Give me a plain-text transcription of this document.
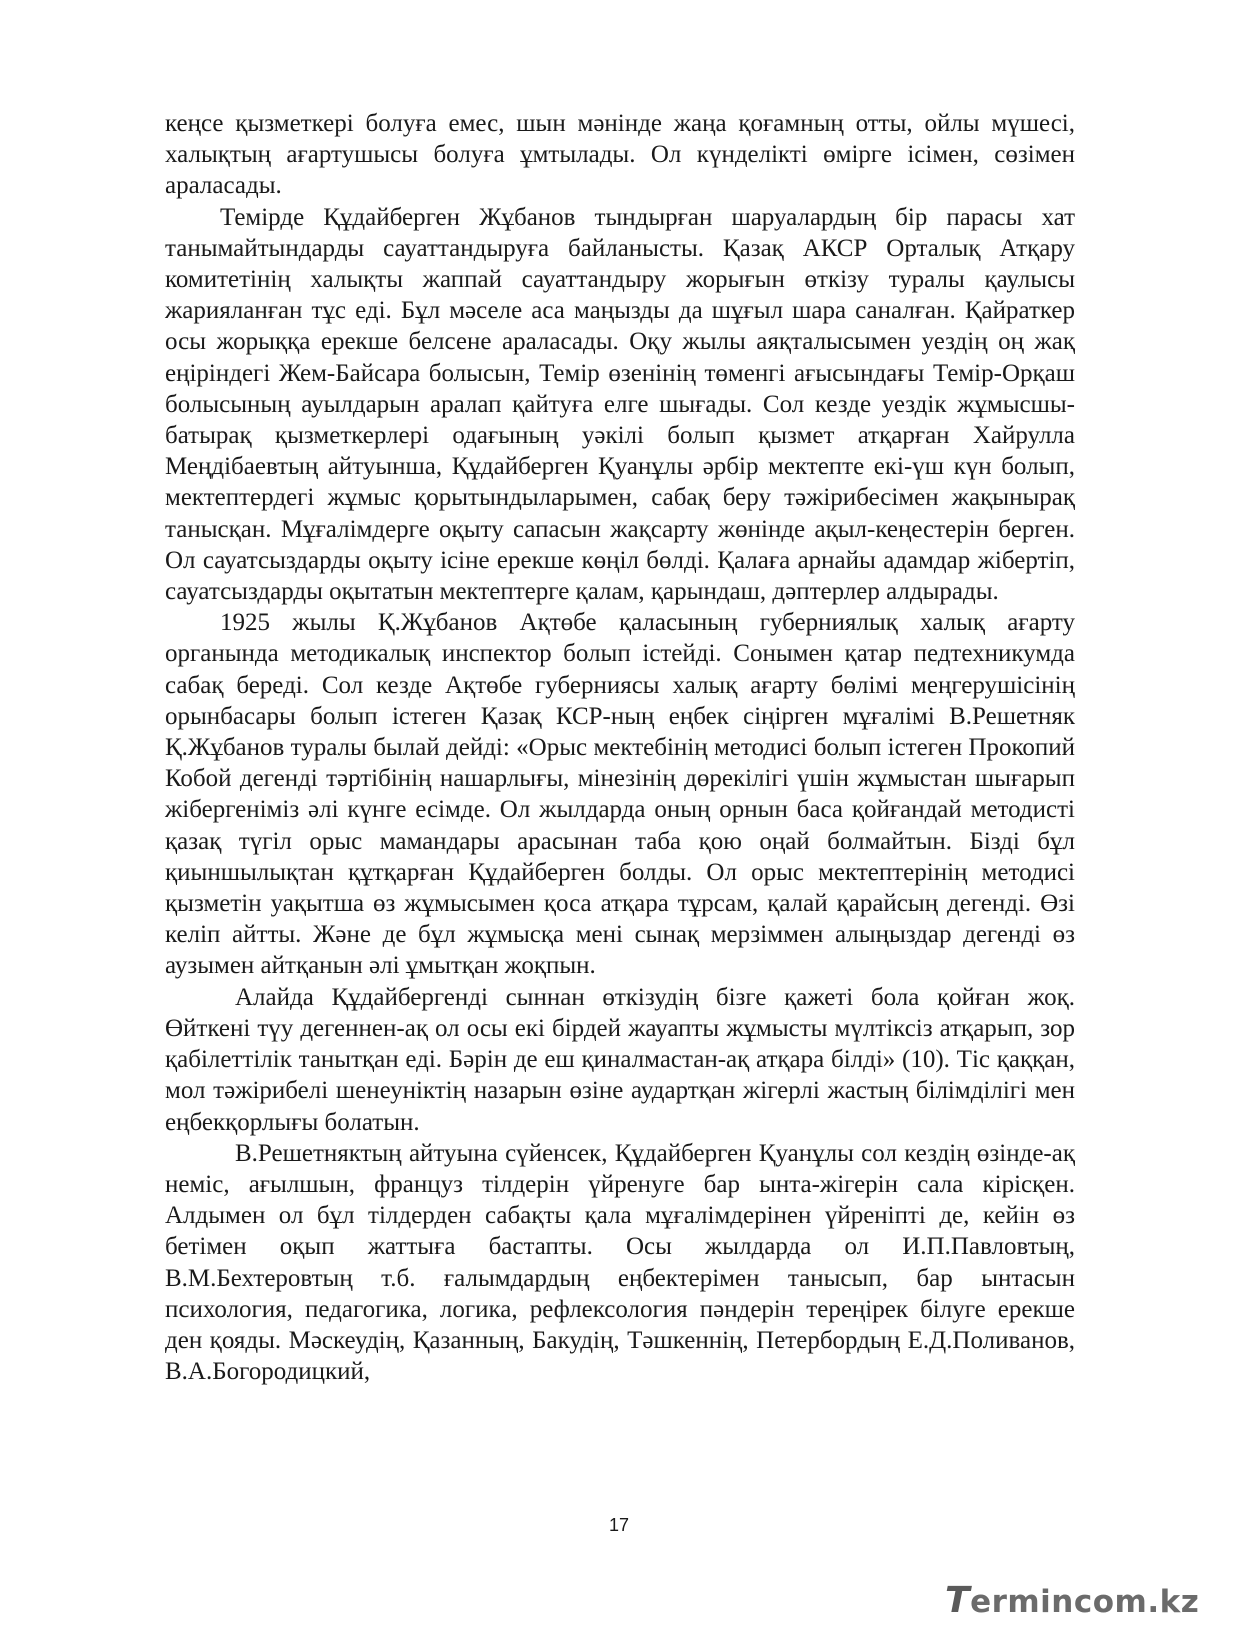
кеңсе қызметкері болуға емес, шын мәнінде жаңа қоғамның отты, ойлы мүшесі, халықтың ағартушысы болуға ұмтылады. Ол күнделікті өмірге ісімен, сөзімен араласады.

Темірде Құдайберген Жұбанов тындырған шаруалардың бір парасы хат танымайтындарды сауаттандыруға байланысты. Қазақ АКСР Орталық Атқару комитетінің халықты жаппай сауаттандыру жорығын өткізу туралы қаулысы жарияланған тұс еді. Бұл мәселе аса маңызды да шұғыл шара саналған. Қайраткер осы жорыққа ерекше белсене араласады. Оқу жылы аяқталысымен уездің оң жақ еңіріндегі Жем-Байсара болысын, Темір өзенінің төменгі ағысындағы Темір-Орқаш болысының ауылдарын аралап қайтуға елге шығады. Сол кезде уездік жұмысшы-батырақ қызметкерлері одағының уәкілі болып қызмет атқарған Хайрулла Меңдібаевтың айтуынша, Құдайберген Қуанұлы әрбір мектепте екі-үш күн болып, мектептердегі жұмыс қорытындыларымен, сабақ беру тәжірибесімен жақынырақ танысқан. Мұғалімдерге оқыту сапасын жақсарту жөнінде ақыл-кеңестерін берген. Ол сауатсыздарды оқыту ісіне ерекше көңіл бөлді. Қалаға арнайы адамдар жібертіп, сауатсыздарды оқытатын мектептерге қалам, қарындаш, дәптерлер алдырады.

1925 жылы Қ.Жұбанов Ақтөбе қаласының губерниялық халық ағарту органында методикалық инспектор болып істейді. Сонымен қатар педтехникумда сабақ береді. Сол кезде Ақтөбе губерниясы халық ағарту бөлімі меңгерушісінің орынбасары болып істеген Қазақ КСР-ның еңбек сіңірген мұғалімі В.Решетняк Қ.Жұбанов туралы былай дейді: «Орыс мектебінің методисі болып істеген Прокопий Кобой дегенді тәртібінің нашарлығы, мінезінің дөрекілігі үшін жұмыстан шығарып жібергеніміз әлі күнге есімде. Ол жылдарда оның орнын баса қойғандай методисті қазақ түгіл орыс мамандары арасынан таба қою оңай болмайтын. Бізді бұл қиыншылықтан құтқарған Құдайберген болды. Ол орыс мектептерінің методисі қызметін уақытша өз жұмысымен қоса атқара тұрсам, қалай қарайсың дегенді. Өзі келіп айтты. Және де бұл жұмысқа мені сынақ мерзіммен алыңыздар дегенді өз аузымен айтқанын әлі ұмытқан жоқпын.

Алайда Құдайбергенді сыннан өткізудің бізге қажеті бола қойған жоқ. Өйткені түу дегеннен-ақ ол осы екі бірдей жауапты жұмысты мүлтіксіз атқарып, зор қабілеттілік танытқан еді. Бәрін де еш қиналмастан-ақ атқара білді» (10). Тіс қаққан, мол тәжірибелі шенеуніктің назарын өзіне аудартқан жігерлі жастың білімділігі мен еңбекқорлығы болатын.

В.Решетняктың айтуына сүйенсек, Құдайберген Қуанұлы сол кездің өзінде-ақ неміс, ағылшын, француз тілдерін үйренуге бар ынта-жігерін сала кірісқен. Алдымен ол бұл тілдерден сабақты қала мұғалімдерінен үйреніпті де, кейін өз бетімен оқып жаттыға бастапты. Осы жылдарда ол И.П.Павловтың, В.М.Бехтеровтың т.б. ғалымдардың еңбектерімен танысып, бар ынтасын психология, педагогика, логика, рефлексология пәндерін тереңірек білуге ерекше ден қояды. Мәскеудің, Қазанның, Бакудің, Тәшкеннің, Петербордың Е.Д.Поливанов, В.А.Богородицкий,

17
Termincom.kz
